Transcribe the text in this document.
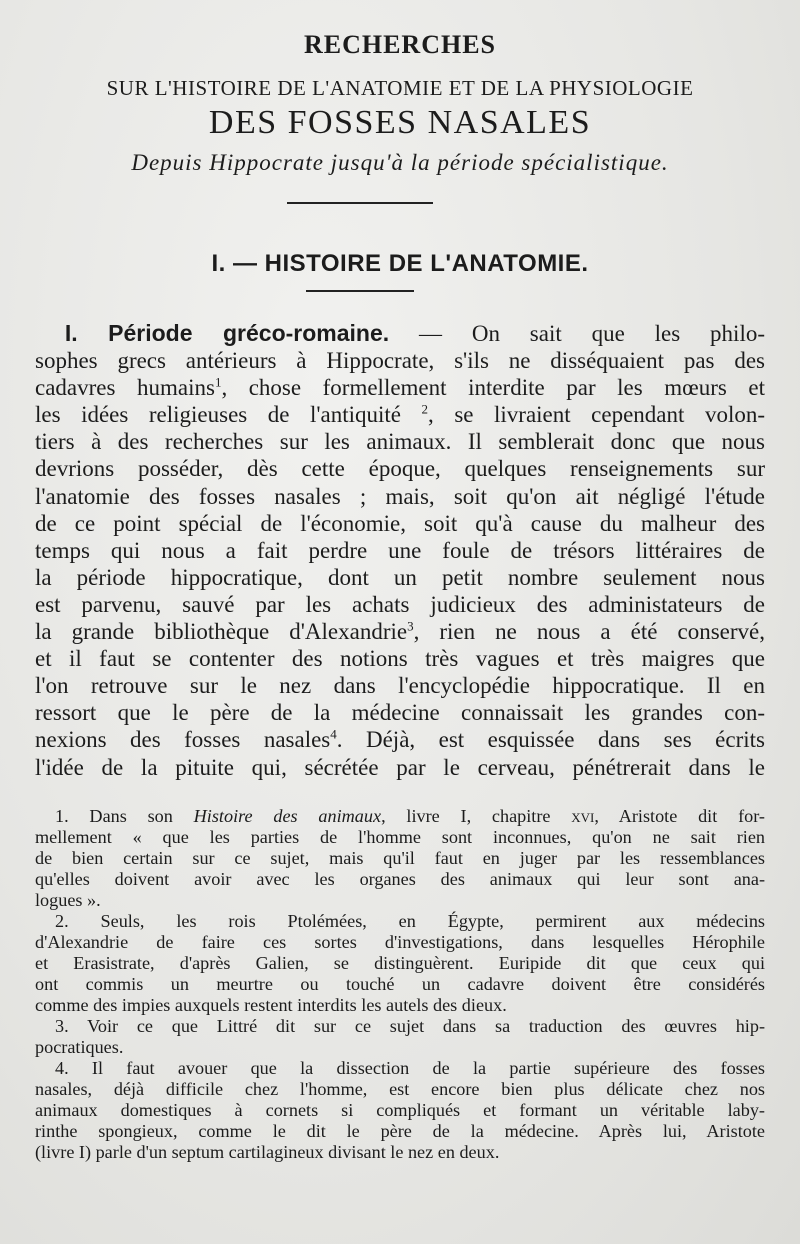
RECHERCHES
SUR L'HISTOIRE DE L'ANATOMIE ET DE LA PHYSIOLOGIE
DES FOSSES NASALES
Depuis Hippocrate jusqu'à la période spécialistique.
I. — HISTOIRE DE L'ANATOMIE.
I. Période gréco-romaine. — On sait que les philo-
sophes grecs antérieurs à Hippocrate, s'ils ne disséquaient pas des
cadavres humains$^1$, chose formellement interdite par les mœurs et
les idées religieuses de l'antiquité $^2$, se livraient cependant volon-
tiers à des recherches sur les animaux. Il semblerait donc que nous
devrions posséder, dès cette époque, quelques renseignements sur
l'anatomie des fosses nasales ; mais, soit qu'on ait négligé l'étude
de ce point spécial de l'économie, soit qu'à cause du malheur des
temps qui nous a fait perdre une foule de trésors littéraires de
la période hippocratique, dont un petit nombre seulement nous
est parvenu, sauvé par les achats judicieux des administateurs de
la grande bibliothèque d'Alexandrie$^3$, rien ne nous a été conservé,
et il faut se contenter des notions très vagues et très maigres que
l'on retrouve sur le nez dans l'encyclopédie hippocratique. Il en
ressort que le père de la médecine connaissait les grandes con-
nexions des fosses nasales$^4$. Déjà, est esquissée dans ses écrits
l'idée de la pituite qui, sécrétée par le cerveau, pénétrerait dans le
1. Dans son Histoire des animaux, livre I, chapitre xvi, Aristote dit for-
mellement « que les parties de l'homme sont inconnues, qu'on ne sait rien
de bien certain sur ce sujet, mais qu'il faut en juger par les ressemblances
qu'elles doivent avoir avec les organes des animaux qui leur sont ana-
logues ».
2. Seuls, les rois Ptolémées, en Égypte, permirent aux médecins
d'Alexandrie de faire ces sortes d'investigations, dans lesquelles Hérophile
et Erasistrate, d'après Galien, se distinguèrent. Euripide dit que ceux qui
ont commis un meurtre ou touché un cadavre doivent être considérés
comme des impies auxquels restent interdits les autels des dieux.
3. Voir ce que Littré dit sur ce sujet dans sa traduction des œuvres hip-
pocratiques.
4. Il faut avouer que la dissection de la partie supérieure des fosses
nasales, déjà difficile chez l'homme, est encore bien plus délicate chez nos
animaux domestiques à cornets si compliqués et formant un véritable laby-
rinthe spongieux, comme le dit le père de la médecine. Après lui, Aristote
(livre I) parle d'un septum cartilagineux divisant le nez en deux.
